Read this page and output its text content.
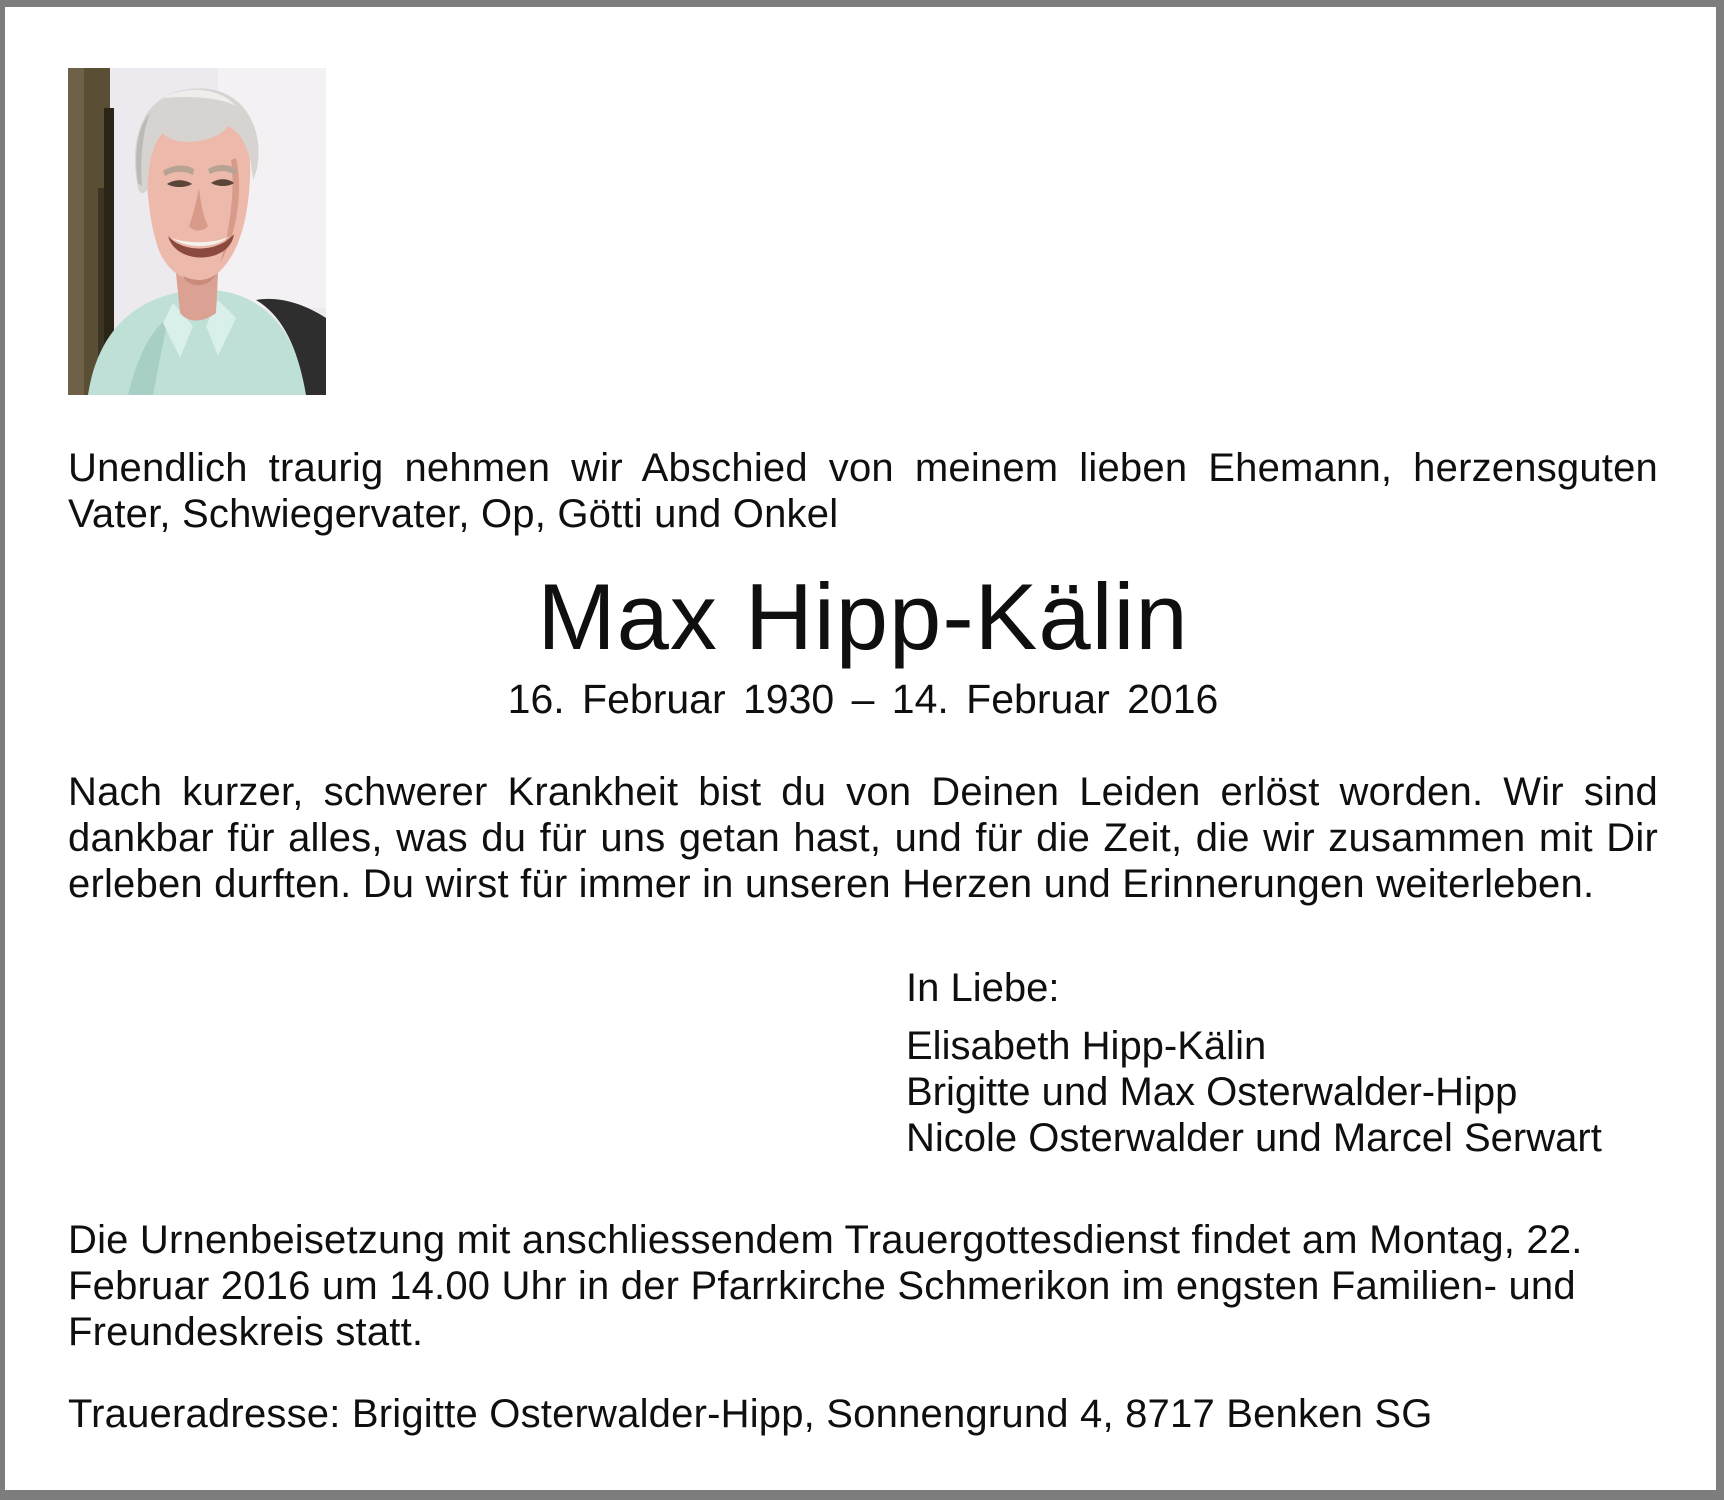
Unendlich traurig nehmen wir Abschied von meinem lieben Ehemann, herzensguten Vater, Schwiegervater, Op, Götti und Onkel

Max Hipp-Kälin

16. Februar 1930 – 14. Februar 2016

Nach kurzer, schwerer Krankheit bist du von Deinen Leiden erlöst worden. Wir sind dankbar für alles, was du für uns getan hast, und für die Zeit, die wir zusammen mit Dir erleben durften. Du wirst für immer in unseren Herzen und Erinnerungen weiterleben.

In Liebe:

Elisabeth Hipp-Kälin

Brigitte und Max Osterwalder-Hipp

Nicole Osterwalder und Marcel Serwart

Die Urnenbeisetzung mit anschliessendem Trauergottesdienst findet am Montag, 22. Februar 2016 um 14.00 Uhr in der Pfarrkirche Schmerikon im engsten Familien- und Freundeskreis statt.

Traueradresse: Brigitte Osterwalder-Hipp, Sonnengrund 4, 8717 Benken SG
